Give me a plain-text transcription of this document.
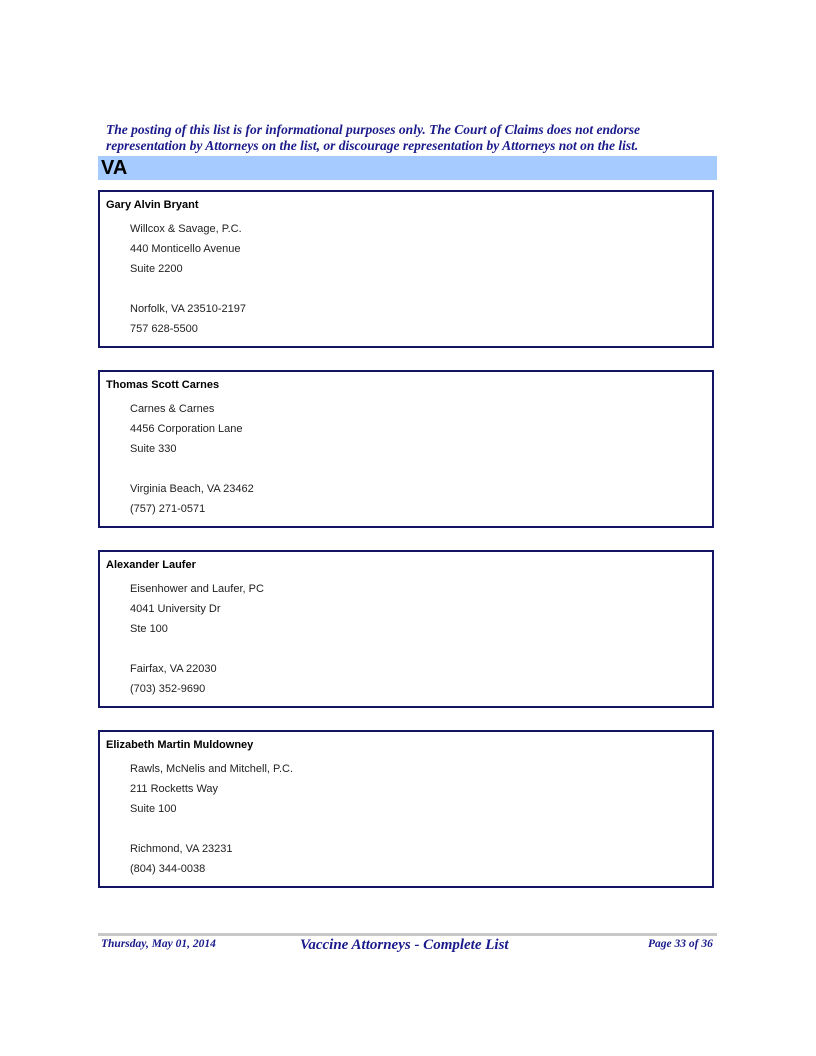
The posting of this list is for informational purposes only. The Court of Claims does not endorse
representation by Attorneys on the list, or discourage representation by Attorneys not on the list.
VA
Gary Alvin Bryant
Willcox & Savage, P.C.
440 Monticello Avenue
Suite 2200
Norfolk, VA 23510-2197
757 628-5500
Thomas Scott Carnes
Carnes & Carnes
4456 Corporation Lane
Suite 330
Virginia Beach, VA 23462
(757) 271-0571
Alexander Laufer
Eisenhower and Laufer, PC
4041 University Dr
Ste 100
Fairfax, VA 22030
(703) 352-9690
Elizabeth Martin Muldowney
Rawls, McNelis and Mitchell, P.C.
211 Rocketts Way
Suite 100
Richmond, VA 23231
(804) 344-0038
Thursday, May 01, 2014	Vaccine Attorneys - Complete List	Page 33 of 36
